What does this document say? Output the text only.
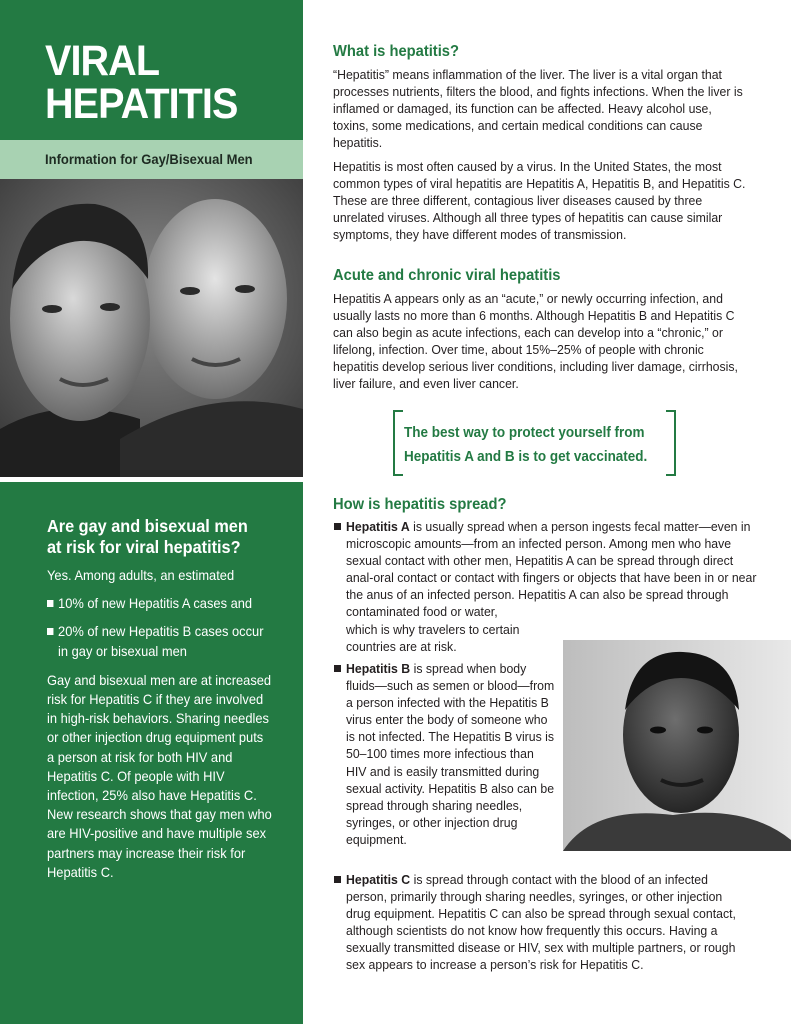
VIRAL
HEPATITIS
Information for Gay/Bisexual Men
Are gay and bisexual men
at risk for viral hepatitis?

Yes. Among adults, an estimated

10% of new Hepatitis A cases and
20% of new Hepatitis B cases occur in gay or bisexual men

Gay and bisexual men are at increased risk for Hepatitis C if they are involved in high-risk behaviors. Sharing needles or other injection drug equipment puts a person at risk for both HIV and Hepatitis C. Of people with HIV infection, 25% also have Hepatitis C. New research shows that gay men who are HIV-positive and have multiple sex partners may increase their risk for Hepatitis C.

What is hepatitis?

“Hepatitis” means inflammation of the liver. The liver is a vital organ that processes nutrients, filters the blood, and fights infections. When the liver is inflamed or damaged, its function can be affected. Heavy alcohol use, toxins, some medications, and certain medical conditions can cause hepatitis.

Hepatitis is most often caused by a virus. In the United States, the most common types of viral hepatitis are Hepatitis A, Hepatitis B, and Hepatitis C. These are three different, contagious liver diseases caused by three unrelated viruses. Although all three types of hepatitis can cause similar symptoms, they have different modes of transmission.

Acute and chronic viral hepatitis

Hepatitis A appears only as an “acute,” or newly occurring infection, and usually lasts no more than 6 months. Although Hepatitis B and Hepatitis C can also begin as acute infections, each can develop into a “chronic,” or lifelong, infection. Over time, about 15%–25% of people with chronic hepatitis develop serious liver conditions, including liver damage, cirrhosis, liver failure, and even liver cancer.

The best way to protect yourself from
Hepatitis A and B is to get vaccinated.

How is hepatitis spread?

Hepatitis A is usually spread when a person ingests fecal matter—even in microscopic amounts—from an infected person. Among men who have sexual contact with other men, Hepatitis A can be spread through direct anal-oral contact or contact with fingers or objects that have been in or near the anus of an infected person. Hepatitis A can also be spread through contaminated food or water,

which is why travelers to certain countries are at risk.

Hepatitis B is spread when body fluids—such as semen or blood—from a person infected with the Hepatitis B virus enter the body of someone who is not infected. The Hepatitis B virus is 50–100 times more infectious than HIV and is easily transmitted during sexual activity. Hepatitis B also can be spread through sharing needles, syringes, or other injection drug equipment.

Hepatitis C is spread through contact with the blood of an infected person, primarily through sharing needles, syringes, or other injection drug equipment. Hepatitis C can also be spread through sexual contact, although scientists do not know how frequently this occurs. Having a sexually transmitted disease or HIV, sex with multiple partners, or rough sex appears to increase a person’s risk for Hepatitis C.
